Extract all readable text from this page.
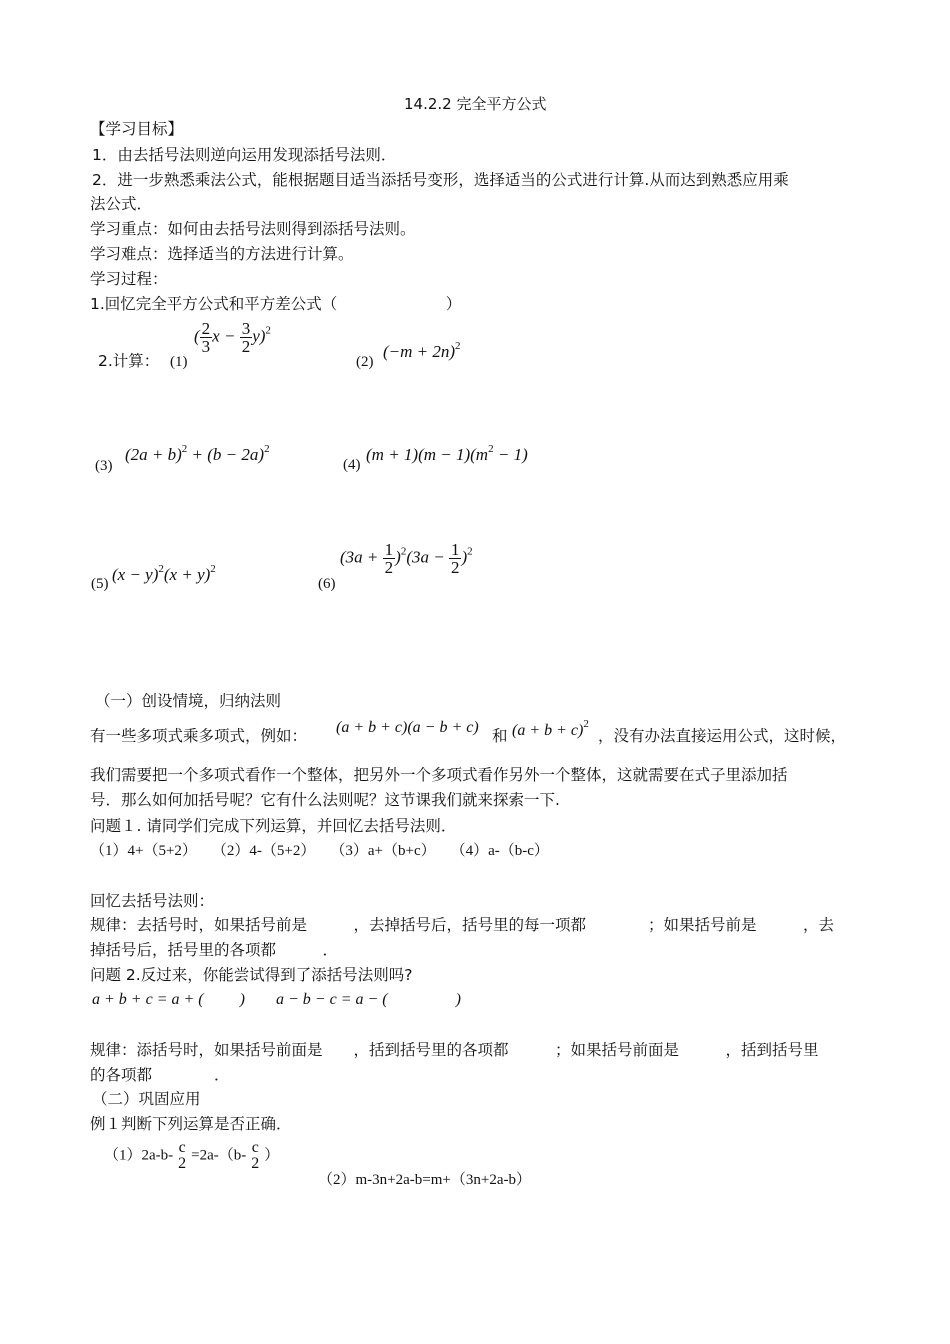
14.2.2 完全平方公式
【学习目标】
1．由去括号法则逆向运用发现添括号法则．
2．进一步熟悉乘法公式，能根据题目适当添括号变形，选择适当的公式进行计算.从而达到熟悉应用乘
法公式．
学习重点：如何由去括号法则得到添括号法则。
学习难点：选择适当的方法进行计算。
学习过程：
1.回忆完全平方公式和平方差公式（　　　　　　　）
2.计算： (1)
( $\frac{2}{3}$ $x - \frac{3}{2} y)^2$
(2)
$(-m + 2n)^2$
(3)
$(2a + b)^2 + (b - 2a)^2$
(4)
$(m + 1)(m - 1)(m^2 - 1)$
(5) $(x - y)^2(x + y)^2$
(6)
$(3a + \frac{1}{2} )^2(3a - \frac{1}{2} )^2$
（一）创设情境，归纳法则
有一些多项式乘多项式，例如： (a + b + c)(a − b + c) 和 $(a + b + c)^2$
，没有办法直接运用公式，这时候，
我们需要把一个多项式看作一个整体，把另外一个多项式看作另外一个整体，这就需要在式子里添加括
号．那么如何加括号呢？它有什么法则呢？这节课我们就来探索一下.
问题１. 请同学们完成下列运算，并回忆去括号法则．
（1）4+（5+2）　　（2）4-（5+2）　　（3）a+（b+c）　　（4）a-（b-c）
回忆去括号法则：
规律：去括号时，如果括号前是　　　，去掉括号后，括号里的每一项都　　　　；如果括号前是　　　，去
掉括号后，括号里的各项都　　　．
问题 2.反过来，你能尝试得到了添括号法则吗?
a + b + c = a + (　　 ) a − b − c = a − (　　　　 )
规律：添括号时，如果括号前面是　　，括到括号里的各项都　　　；如果括号前面是　　　，括到括号里
的各项都　　　　．
（二）巩固应用
例１判断下列运算是否正确．
（1）2a-b- c
2 =2a-（b- c
2 ）
（2）m-3n+2a-b=m+（3n+2a-b）
